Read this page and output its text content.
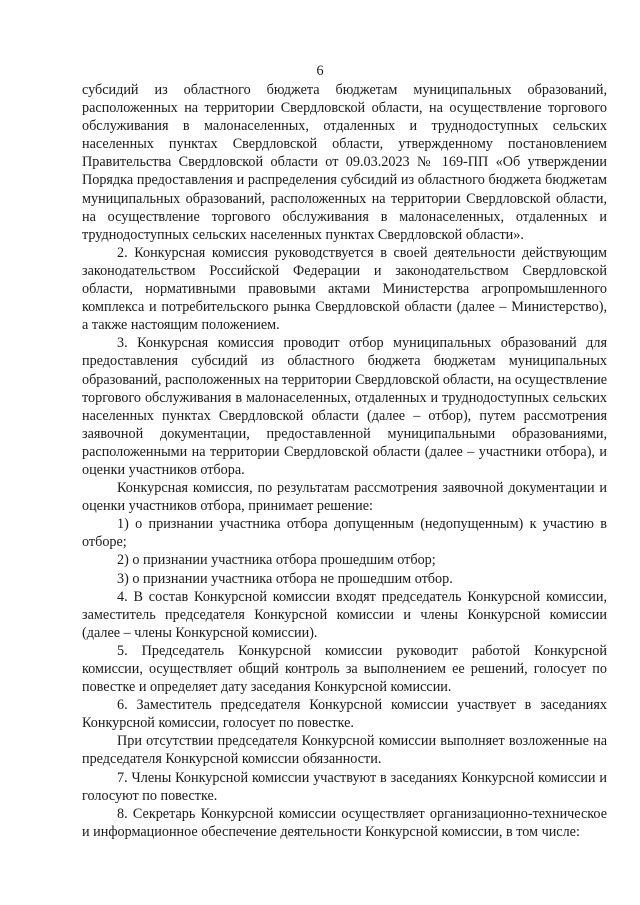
6

субсидий из областного бюджета бюджетам муниципальных образований, расположенных на территории Свердловской области, на осуществление торгового обслуживания в малонаселенных, отдаленных и труднодоступных сельских населенных пунктах Свердловской области, утвержденному постановлением Правительства Свердловской области от 09.03.2023 № 169-ПП «Об утверждении Порядка предоставления и распределения субсидий из областного бюджета бюджетам муниципальных образований, расположенных на территории Свердловской области, на осуществление торгового обслуживания в малонаселенных, отдаленных и труднодоступных сельских населенных пунктах Свердловской области».

2. Конкурсная комиссия руководствуется в своей деятельности действующим законодательством Российской Федерации и законодательством Свердловской области, нормативными правовыми актами Министерства агропромышленного комплекса и потребительского рынка Свердловской области (далее – Министерство), а также настоящим положением.

3. Конкурсная комиссия проводит отбор муниципальных образований для предоставления субсидий из областного бюджета бюджетам муниципальных образований, расположенных на территории Свердловской области, на осуществление торгового обслуживания в малонаселенных, отдаленных и труднодоступных сельских населенных пунктах Свердловской области (далее – отбор), путем рассмотрения заявочной документации, предоставленной муниципальными образованиями, расположенными на территории Свердловской области (далее – участники отбора), и оценки участников отбора.

Конкурсная комиссия, по результатам рассмотрения заявочной документации и оценки участников отбора, принимает решение:

1) о признании участника отбора допущенным (недопущенным) к участию в отборе;

2) о признании участника отбора прошедшим отбор;

3) о признании участника отбора не прошедшим отбор.

4. В состав Конкурсной комиссии входят председатель Конкурсной комиссии, заместитель председателя Конкурсной комиссии и члены Конкурсной комиссии (далее – члены Конкурсной комиссии).

5. Председатель Конкурсной комиссии руководит работой Конкурсной комиссии, осуществляет общий контроль за выполнением ее решений, голосует по повестке и определяет дату заседания Конкурсной комиссии.

6. Заместитель председателя Конкурсной комиссии участвует в заседаниях Конкурсной комиссии, голосует по повестке.

При отсутствии председателя Конкурсной комиссии выполняет возложенные на председателя Конкурсной комиссии обязанности.

7. Члены Конкурсной комиссии участвуют в заседаниях Конкурсной комиссии и голосуют по повестке.

8. Секретарь Конкурсной комиссии осуществляет организационно-техническое и информационное обеспечение деятельности Конкурсной комиссии, в том числе:
